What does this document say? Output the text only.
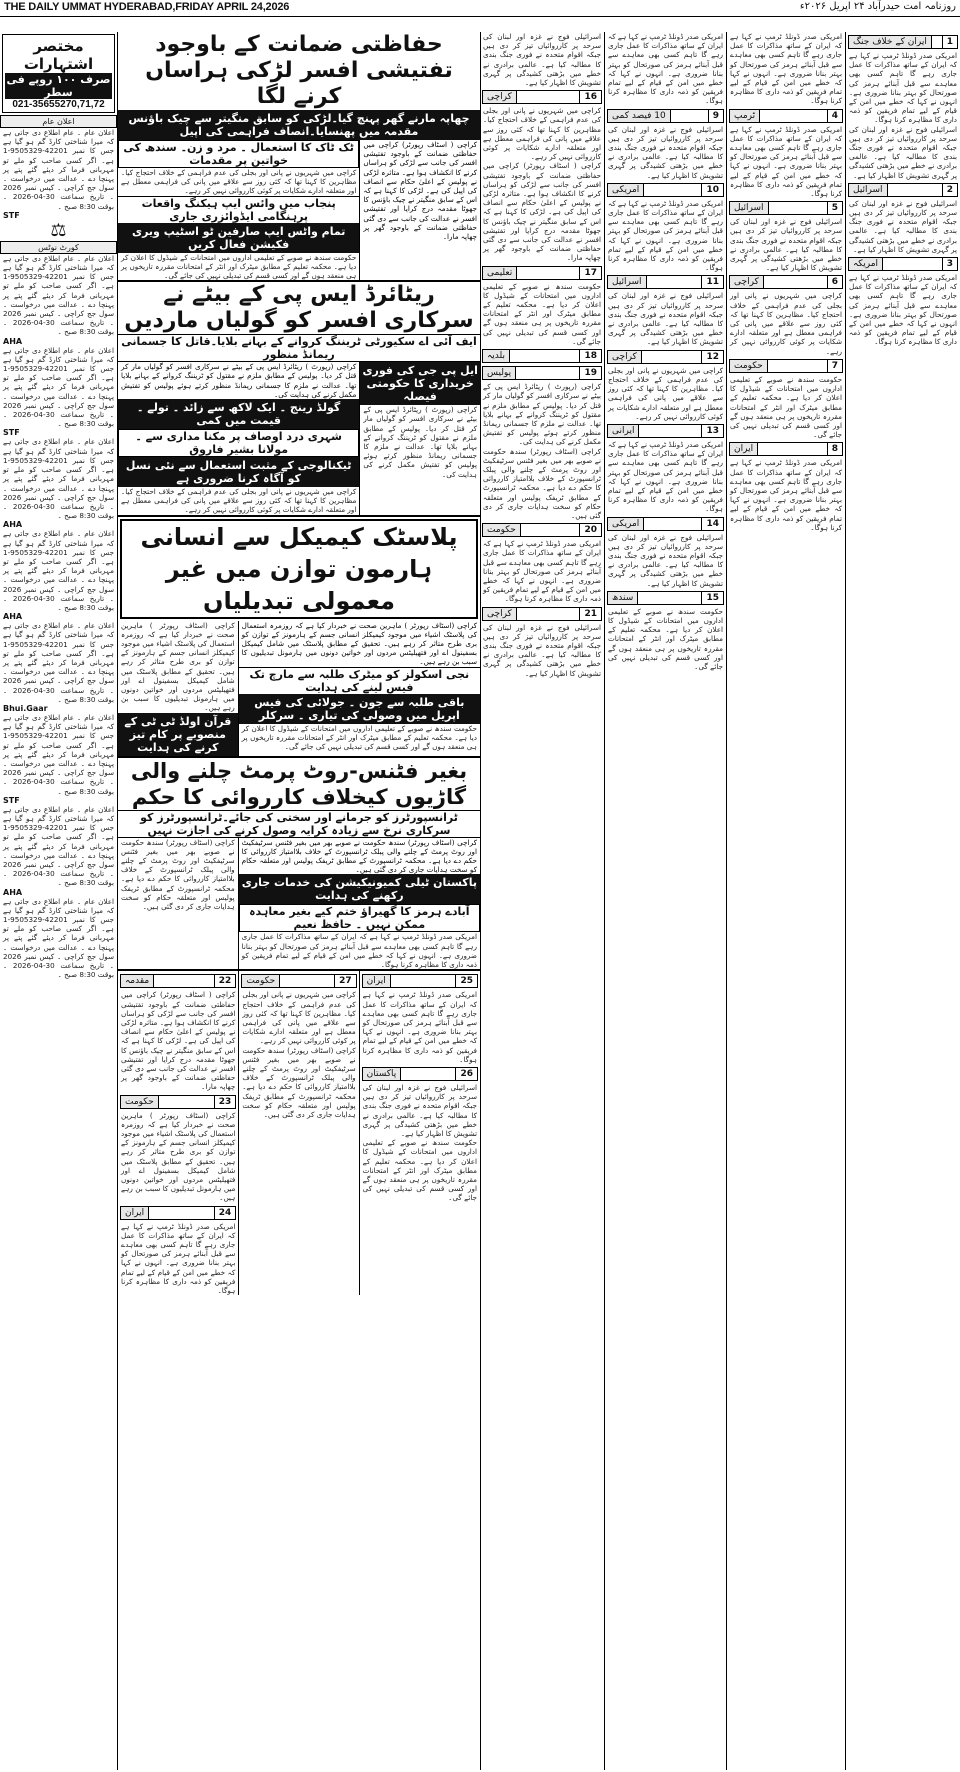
THE DAILY UMMAT HYDERABAD,FRIDAY APRIL 24,2026	روزنامہ امت حیدرآباد ۲۴ اپریل ۲۰۲۶ء
مختصر اشتہارات
صرف ۱۰۰ روپے فی سطر
021-35655270,71,72
اعلان عام

اعلان عام ۔ عام اطلاع دی جاتی ہے کہ میرا شناختی کارڈ گم ہو گیا ہے جس کا نمبر 42201-9505329-1 ہے۔ اگر کسی صاحب کو ملے تو مہربانی فرما کر دیئے گئے پتے پر پہنچا دے ۔ عدالت میں درخواست ۔ سول جج کراچی ۔ کیس نمبر 2026 ۔ تاریخ سماعت 30-04-2026 ۔ بوقت 8:30 صبح ۔

STF
⚖
کورٹ نوٹس

اعلان عام ۔ عام اطلاع دی جاتی ہے کہ میرا شناختی کارڈ گم ہو گیا ہے جس کا نمبر 42201-9505329-1 ہے۔ اگر کسی صاحب کو ملے تو مہربانی فرما کر دیئے گئے پتے پر پہنچا دے ۔ عدالت میں درخواست ۔ سول جج کراچی ۔ کیس نمبر 2026 ۔ تاریخ سماعت 30-04-2026 ۔ بوقت 8:30 صبح ۔

AHA

اعلان عام ۔ عام اطلاع دی جاتی ہے کہ میرا شناختی کارڈ گم ہو گیا ہے جس کا نمبر 42201-9505329-1 ہے۔ اگر کسی صاحب کو ملے تو مہربانی فرما کر دیئے گئے پتے پر پہنچا دے ۔ عدالت میں درخواست ۔ سول جج کراچی ۔ کیس نمبر 2026 ۔ تاریخ سماعت 30-04-2026 ۔ بوقت 8:30 صبح ۔

STF

اعلان عام ۔ عام اطلاع دی جاتی ہے کہ میرا شناختی کارڈ گم ہو گیا ہے جس کا نمبر 42201-9505329-1 ہے۔ اگر کسی صاحب کو ملے تو مہربانی فرما کر دیئے گئے پتے پر پہنچا دے ۔ عدالت میں درخواست ۔ سول جج کراچی ۔ کیس نمبر 2026 ۔ تاریخ سماعت 30-04-2026 ۔ بوقت 8:30 صبح ۔

AHA

اعلان عام ۔ عام اطلاع دی جاتی ہے کہ میرا شناختی کارڈ گم ہو گیا ہے جس کا نمبر 42201-9505329-1 ہے۔ اگر کسی صاحب کو ملے تو مہربانی فرما کر دیئے گئے پتے پر پہنچا دے ۔ عدالت میں درخواست ۔ سول جج کراچی ۔ کیس نمبر 2026 ۔ تاریخ سماعت 30-04-2026 ۔ بوقت 8:30 صبح ۔

AHA

اعلان عام ۔ عام اطلاع دی جاتی ہے کہ میرا شناختی کارڈ گم ہو گیا ہے جس کا نمبر 42201-9505329-1 ہے۔ اگر کسی صاحب کو ملے تو مہربانی فرما کر دیئے گئے پتے پر پہنچا دے ۔ عدالت میں درخواست ۔ سول جج کراچی ۔ کیس نمبر 2026 ۔ تاریخ سماعت 30-04-2026 ۔ بوقت 8:30 صبح ۔

Bhui.Gaar

اعلان عام ۔ عام اطلاع دی جاتی ہے کہ میرا شناختی کارڈ گم ہو گیا ہے جس کا نمبر 42201-9505329-1 ہے۔ اگر کسی صاحب کو ملے تو مہربانی فرما کر دیئے گئے پتے پر پہنچا دے ۔ عدالت میں درخواست ۔ سول جج کراچی ۔ کیس نمبر 2026 ۔ تاریخ سماعت 30-04-2026 ۔ بوقت 8:30 صبح ۔

STF

اعلان عام ۔ عام اطلاع دی جاتی ہے کہ میرا شناختی کارڈ گم ہو گیا ہے جس کا نمبر 42201-9505329-1 ہے۔ اگر کسی صاحب کو ملے تو مہربانی فرما کر دیئے گئے پتے پر پہنچا دے ۔ عدالت میں درخواست ۔ سول جج کراچی ۔ کیس نمبر 2026 ۔ تاریخ سماعت 30-04-2026 ۔ بوقت 8:30 صبح ۔

AHA

اعلان عام ۔ عام اطلاع دی جاتی ہے کہ میرا شناختی کارڈ گم ہو گیا ہے جس کا نمبر 42201-9505329-1 ہے۔ اگر کسی صاحب کو ملے تو مہربانی فرما کر دیئے گئے پتے پر پہنچا دے ۔ عدالت میں درخواست ۔ سول جج کراچی ۔ کیس نمبر 2026 ۔ تاریخ سماعت 30-04-2026 ۔ بوقت 8:30 صبح ۔

حفاظتی ضمانت کے باوجود تفتیشی افسر لڑکی ہراساں کرنے لگا
چھاپہ مارنے گھر پہنچ گیا۔لڑکی کو سابق منگیتر سے چیک باؤنس مقدمہ میں پھنسایا۔انصاف فراہمی کی اپیل

کراچی ( اسٹاف رپورٹر) کراچی میں حفاظتی ضمانت کے باوجود تفتیشی افسر کی جانب سے لڑکی کو ہراساں کرنے کا انکشاف ہوا ہے۔ متاثرہ لڑکی نے پولیس کے اعلیٰ حکام سے انصاف کی اپیل کی ہے۔ لڑکی کا کہنا ہے کہ اس کے سابق منگیتر نے چیک باؤنس کا جھوٹا مقدمہ درج کرایا اور تفتیشی افسر نے عدالت کی جانب سے دی گئی حفاظتی ضمانت کے باوجود گھر پر چھاپہ مارا۔

ٹک ٹاک کا استعمال ۔ مرد و زن۔ سندھ کی خواتین پر مقدمات

کراچی میں شہریوں نے پانی اور بجلی کی عدم فراہمی کے خلاف احتجاج کیا۔ مظاہرین کا کہنا تھا کہ کئی روز سے علاقے میں پانی کی فراہمی معطل ہے اور متعلقہ ادارے شکایات پر کوئی کارروائی نہیں کر رہے۔

پنجاب میں وائس ایپ ہیکنگ واقعات پرہنگامی ایڈوائزری جاری
تمام واٹس ایپ صارفین ٹو اسٹیپ ویری فکیشن فعال کریں

حکومت سندھ نے صوبے کے تعلیمی اداروں میں امتحانات کے شیڈول کا اعلان کر دیا ہے۔ محکمہ تعلیم کے مطابق میٹرک اور انٹر کے امتحانات مقررہ تاریخوں پر ہی منعقد ہوں گے اور کسی قسم کی تبدیلی نہیں کی جائے گی۔

ریٹائرڈ ایس پی کے بیٹے نے سرکاری افسر کو گولیاں ماردیں
ایف آئی اے سکیورٹی ٹریننگ کروانے کے بہانے بلایا۔قاتل کا جسمانی ریمانڈ منظور
ایل پی جی کی فوری خریداری کا حکومتی فیصلہ

کراچی (رپورٹ ) ریٹائرڈ ایس پی کے بیٹے نے سرکاری افسر کو گولیاں مار کر قتل کر دیا۔ پولیس کے مطابق ملزم نے مقتول کو ٹریننگ کروانے کے بہانے بلایا تھا۔ عدالت نے ملزم کا جسمانی ریمانڈ منظور کرتے ہوئے پولیس کو تفتیش مکمل کرنے کی ہدایت کی۔

کراچی (رپورٹ ) ریٹائرڈ ایس پی کے بیٹے نے سرکاری افسر کو گولیاں مار کر قتل کر دیا۔ پولیس کے مطابق ملزم نے مقتول کو ٹریننگ کروانے کے بہانے بلایا تھا۔ عدالت نے ملزم کا جسمانی ریمانڈ منظور کرتے ہوئے پولیس کو تفتیش مکمل کرنے کی ہدایت کی۔

گولڈ رینج ۔ ایک لاکھ سے زائد ۔ تولے ۔ قیمت میں کمی
شہری درد اوصاف پر مکنا مداری سے ۔ مولانا بشیر فاروق
ٹیکنالوجی کے مثبت استعمال سے نئی نسل کو آگاہ کرنا ضروری ہے

کراچی میں شہریوں نے پانی اور بجلی کی عدم فراہمی کے خلاف احتجاج کیا۔ مظاہرین کا کہنا تھا کہ کئی روز سے علاقے میں پانی کی فراہمی معطل ہے اور متعلقہ ادارے شکایات پر کوئی کارروائی نہیں کر رہے۔

پلاسٹک کیمیکل سے انسانی ہارمون توازن میں غیر معمولی تبدیلیاں

کراچی (اسٹاف رپورٹر ) ماہرین صحت نے خبردار کیا ہے کہ روزمرہ استعمال کی پلاسٹک اشیاء میں موجود کیمیکلز انسانی جسم کے ہارمونز کے توازن کو بری طرح متاثر کر رہے ہیں۔ تحقیق کے مطابق پلاسٹک میں شامل کیمیکل بسفینول اے اور فتھیلیٹس مردوں اور خواتین دونوں میں ہارمونل تبدیلیوں کا سبب بن رہے ہیں۔

نجی اسکولز کو میٹرک طلبہ سے مارچ تک فیس لینے کی ہدایت
باقی طلبہ سے جون ۔ جولائی کی فیس اپریل میں وصولی کی تیاری ۔ سرکلر

حکومت سندھ نے صوبے کے تعلیمی اداروں میں امتحانات کے شیڈول کا اعلان کر دیا ہے۔ محکمہ تعلیم کے مطابق میٹرک اور انٹر کے امتحانات مقررہ تاریخوں پر ہی منعقد ہوں گے اور کسی قسم کی تبدیلی نہیں کی جائے گی۔

کراچی (اسٹاف رپورٹر ) ماہرین صحت نے خبردار کیا ہے کہ روزمرہ استعمال کی پلاسٹک اشیاء میں موجود کیمیکلز انسانی جسم کے ہارمونز کے توازن کو بری طرح متاثر کر رہے ہیں۔ تحقیق کے مطابق پلاسٹک میں شامل کیمیکل بسفینول اے اور فتھیلیٹس مردوں اور خواتین دونوں میں ہارمونل تبدیلیوں کا سبب بن رہے ہیں۔

قرآن اولڈ ٹی ٹی کے منصوبے پر کام تیز کرنے کی ہدایت
بغیر فٹنس-روٹ پرمٹ چلنے والی گاڑیوں کیخلاف کارروائی کا حکم
ٹرانسپورٹرز کو جرمانے اور سختی کی جائے۔ٹرانسپورٹرز کو سرکاری نرخ سے زیادہ کرایہ وصول کرنے کی اجازت نہیں

کراچی (اسٹاف رپورٹر) سندھ حکومت نے صوبے بھر میں بغیر فٹنس سرٹیفکیٹ اور روٹ پرمٹ کے چلنے والی پبلک ٹرانسپورٹ کے خلاف بلاامتیاز کارروائی کا حکم دے دیا ہے۔ محکمہ ٹرانسپورٹ کے مطابق ٹریفک پولیس اور متعلقہ حکام کو سخت ہدایات جاری کر دی گئی ہیں۔

پاکستان ٹیلی کمیونیکیشن کی خدمات جاری رکھنے کی ہدایت
آبادے ہرمز کا گھیراؤ ختم کیے بغیر معاہدہ ممکن نہیں ۔ حافظ نعیم

امریکی صدر ڈونلڈ ٹرمپ نے کہا ہے کہ ایران کے ساتھ مذاکرات کا عمل جاری رہے گا تاہم کسی بھی معاہدے سے قبل آبنائے ہرمز کی صورتحال کو بہتر بنانا ضروری ہے۔ انہوں نے کہا کہ خطے میں امن کے قیام کے لیے تمام فریقین کو ذمہ داری کا مظاہرہ کرنا ہوگا۔

کراچی (اسٹاف رپورٹر) سندھ حکومت نے صوبے بھر میں بغیر فٹنس سرٹیفکیٹ اور روٹ پرمٹ کے چلنے والی پبلک ٹرانسپورٹ کے خلاف بلاامتیاز کارروائی کا حکم دے دیا ہے۔ محکمہ ٹرانسپورٹ کے مطابق ٹریفک پولیس اور متعلقہ حکام کو سخت ہدایات جاری کر دی گئی ہیں۔

25
ایران

امریکی صدر ڈونلڈ ٹرمپ نے کہا ہے کہ ایران کے ساتھ مذاکرات کا عمل جاری رہے گا تاہم کسی بھی معاہدے سے قبل آبنائے ہرمز کی صورتحال کو بہتر بنانا ضروری ہے۔ انہوں نے کہا کہ خطے میں امن کے قیام کے لیے تمام فریقین کو ذمہ داری کا مظاہرہ کرنا ہوگا۔

26
پاکستان

اسرائیلی فوج نے غزہ اور لبنان کی سرحد پر کارروائیاں تیز کر دی ہیں جبکہ اقوام متحدہ نے فوری جنگ بندی کا مطالبہ کیا ہے۔ عالمی برادری نے خطے میں بڑھتی کشیدگی پر گہری تشویش کا اظہار کیا ہے۔

حکومت سندھ نے صوبے کے تعلیمی اداروں میں امتحانات کے شیڈول کا اعلان کر دیا ہے۔ محکمہ تعلیم کے مطابق میٹرک اور انٹر کے امتحانات مقررہ تاریخوں پر ہی منعقد ہوں گے اور کسی قسم کی تبدیلی نہیں کی جائے گی۔

27
حکومت

کراچی میں شہریوں نے پانی اور بجلی کی عدم فراہمی کے خلاف احتجاج کیا۔ مظاہرین کا کہنا تھا کہ کئی روز سے علاقے میں پانی کی فراہمی معطل ہے اور متعلقہ ادارے شکایات پر کوئی کارروائی نہیں کر رہے۔

کراچی (اسٹاف رپورٹر) سندھ حکومت نے صوبے بھر میں بغیر فٹنس سرٹیفکیٹ اور روٹ پرمٹ کے چلنے والی پبلک ٹرانسپورٹ کے خلاف بلاامتیاز کارروائی کا حکم دے دیا ہے۔ محکمہ ٹرانسپورٹ کے مطابق ٹریفک پولیس اور متعلقہ حکام کو سخت ہدایات جاری کر دی گئی ہیں۔

22
مقدمہ

کراچی ( اسٹاف رپورٹر) کراچی میں حفاظتی ضمانت کے باوجود تفتیشی افسر کی جانب سے لڑکی کو ہراساں کرنے کا انکشاف ہوا ہے۔ متاثرہ لڑکی نے پولیس کے اعلیٰ حکام سے انصاف کی اپیل کی ہے۔ لڑکی کا کہنا ہے کہ اس کے سابق منگیتر نے چیک باؤنس کا جھوٹا مقدمہ درج کرایا اور تفتیشی افسر نے عدالت کی جانب سے دی گئی حفاظتی ضمانت کے باوجود گھر پر چھاپہ مارا۔

23
حکومت

کراچی (اسٹاف رپورٹر ) ماہرین صحت نے خبردار کیا ہے کہ روزمرہ استعمال کی پلاسٹک اشیاء میں موجود کیمیکلز انسانی جسم کے ہارمونز کے توازن کو بری طرح متاثر کر رہے ہیں۔ تحقیق کے مطابق پلاسٹک میں شامل کیمیکل بسفینول اے اور فتھیلیٹس مردوں اور خواتین دونوں میں ہارمونل تبدیلیوں کا سبب بن رہے ہیں۔

24
ایران

امریکی صدر ڈونلڈ ٹرمپ نے کہا ہے کہ ایران کے ساتھ مذاکرات کا عمل جاری رہے گا تاہم کسی بھی معاہدے سے قبل آبنائے ہرمز کی صورتحال کو بہتر بنانا ضروری ہے۔ انہوں نے کہا کہ خطے میں امن کے قیام کے لیے تمام فریقین کو ذمہ داری کا مظاہرہ کرنا ہوگا۔

اسرائیلی فوج نے غزہ اور لبنان کی سرحد پر کارروائیاں تیز کر دی ہیں جبکہ اقوام متحدہ نے فوری جنگ بندی کا مطالبہ کیا ہے۔ عالمی برادری نے خطے میں بڑھتی کشیدگی پر گہری تشویش کا اظہار کیا ہے۔

16
کراچی

کراچی میں شہریوں نے پانی اور بجلی کی عدم فراہمی کے خلاف احتجاج کیا۔ مظاہرین کا کہنا تھا کہ کئی روز سے علاقے میں پانی کی فراہمی معطل ہے اور متعلقہ ادارے شکایات پر کوئی کارروائی نہیں کر رہے۔

کراچی ( اسٹاف رپورٹر) کراچی میں حفاظتی ضمانت کے باوجود تفتیشی افسر کی جانب سے لڑکی کو ہراساں کرنے کا انکشاف ہوا ہے۔ متاثرہ لڑکی نے پولیس کے اعلیٰ حکام سے انصاف کی اپیل کی ہے۔ لڑکی کا کہنا ہے کہ اس کے سابق منگیتر نے چیک باؤنس کا جھوٹا مقدمہ درج کرایا اور تفتیشی افسر نے عدالت کی جانب سے دی گئی حفاظتی ضمانت کے باوجود گھر پر چھاپہ مارا۔

17
تعلیمی

حکومت سندھ نے صوبے کے تعلیمی اداروں میں امتحانات کے شیڈول کا اعلان کر دیا ہے۔ محکمہ تعلیم کے مطابق میٹرک اور انٹر کے امتحانات مقررہ تاریخوں پر ہی منعقد ہوں گے اور کسی قسم کی تبدیلی نہیں کی جائے گی۔

18
بلدیہ
19
پولیس

کراچی (رپورٹ ) ریٹائرڈ ایس پی کے بیٹے نے سرکاری افسر کو گولیاں مار کر قتل کر دیا۔ پولیس کے مطابق ملزم نے مقتول کو ٹریننگ کروانے کے بہانے بلایا تھا۔ عدالت نے ملزم کا جسمانی ریمانڈ منظور کرتے ہوئے پولیس کو تفتیش مکمل کرنے کی ہدایت کی۔

کراچی (اسٹاف رپورٹر) سندھ حکومت نے صوبے بھر میں بغیر فٹنس سرٹیفکیٹ اور روٹ پرمٹ کے چلنے والی پبلک ٹرانسپورٹ کے خلاف بلاامتیاز کارروائی کا حکم دے دیا ہے۔ محکمہ ٹرانسپورٹ کے مطابق ٹریفک پولیس اور متعلقہ حکام کو سخت ہدایات جاری کر دی گئی ہیں۔

20
حکومت

امریکی صدر ڈونلڈ ٹرمپ نے کہا ہے کہ ایران کے ساتھ مذاکرات کا عمل جاری رہے گا تاہم کسی بھی معاہدے سے قبل آبنائے ہرمز کی صورتحال کو بہتر بنانا ضروری ہے۔ انہوں نے کہا کہ خطے میں امن کے قیام کے لیے تمام فریقین کو ذمہ داری کا مظاہرہ کرنا ہوگا۔

21
کراچی

اسرائیلی فوج نے غزہ اور لبنان کی سرحد پر کارروائیاں تیز کر دی ہیں جبکہ اقوام متحدہ نے فوری جنگ بندی کا مطالبہ کیا ہے۔ عالمی برادری نے خطے میں بڑھتی کشیدگی پر گہری تشویش کا اظہار کیا ہے۔

امریکی صدر ڈونلڈ ٹرمپ نے کہا ہے کہ ایران کے ساتھ مذاکرات کا عمل جاری رہے گا تاہم کسی بھی معاہدے سے قبل آبنائے ہرمز کی صورتحال کو بہتر بنانا ضروری ہے۔ انہوں نے کہا کہ خطے میں امن کے قیام کے لیے تمام فریقین کو ذمہ داری کا مظاہرہ کرنا ہوگا۔

9
10 فیصد کمی

اسرائیلی فوج نے غزہ اور لبنان کی سرحد پر کارروائیاں تیز کر دی ہیں جبکہ اقوام متحدہ نے فوری جنگ بندی کا مطالبہ کیا ہے۔ عالمی برادری نے خطے میں بڑھتی کشیدگی پر گہری تشویش کا اظہار کیا ہے۔

10
امریکی

امریکی صدر ڈونلڈ ٹرمپ نے کہا ہے کہ ایران کے ساتھ مذاکرات کا عمل جاری رہے گا تاہم کسی بھی معاہدے سے قبل آبنائے ہرمز کی صورتحال کو بہتر بنانا ضروری ہے۔ انہوں نے کہا کہ خطے میں امن کے قیام کے لیے تمام فریقین کو ذمہ داری کا مظاہرہ کرنا ہوگا۔

11
اسرائیل

اسرائیلی فوج نے غزہ اور لبنان کی سرحد پر کارروائیاں تیز کر دی ہیں جبکہ اقوام متحدہ نے فوری جنگ بندی کا مطالبہ کیا ہے۔ عالمی برادری نے خطے میں بڑھتی کشیدگی پر گہری تشویش کا اظہار کیا ہے۔

12
کراچی

کراچی میں شہریوں نے پانی اور بجلی کی عدم فراہمی کے خلاف احتجاج کیا۔ مظاہرین کا کہنا تھا کہ کئی روز سے علاقے میں پانی کی فراہمی معطل ہے اور متعلقہ ادارے شکایات پر کوئی کارروائی نہیں کر رہے۔

13
ایرانی

امریکی صدر ڈونلڈ ٹرمپ نے کہا ہے کہ ایران کے ساتھ مذاکرات کا عمل جاری رہے گا تاہم کسی بھی معاہدے سے قبل آبنائے ہرمز کی صورتحال کو بہتر بنانا ضروری ہے۔ انہوں نے کہا کہ خطے میں امن کے قیام کے لیے تمام فریقین کو ذمہ داری کا مظاہرہ کرنا ہوگا۔

14
امریکی

اسرائیلی فوج نے غزہ اور لبنان کی سرحد پر کارروائیاں تیز کر دی ہیں جبکہ اقوام متحدہ نے فوری جنگ بندی کا مطالبہ کیا ہے۔ عالمی برادری نے خطے میں بڑھتی کشیدگی پر گہری تشویش کا اظہار کیا ہے۔

15
سندھ

حکومت سندھ نے صوبے کے تعلیمی اداروں میں امتحانات کے شیڈول کا اعلان کر دیا ہے۔ محکمہ تعلیم کے مطابق میٹرک اور انٹر کے امتحانات مقررہ تاریخوں پر ہی منعقد ہوں گے اور کسی قسم کی تبدیلی نہیں کی جائے گی۔

امریکی صدر ڈونلڈ ٹرمپ نے کہا ہے کہ ایران کے ساتھ مذاکرات کا عمل جاری رہے گا تاہم کسی بھی معاہدے سے قبل آبنائے ہرمز کی صورتحال کو بہتر بنانا ضروری ہے۔ انہوں نے کہا کہ خطے میں امن کے قیام کے لیے تمام فریقین کو ذمہ داری کا مظاہرہ کرنا ہوگا۔

4
ٹرمپ

امریکی صدر ڈونلڈ ٹرمپ نے کہا ہے کہ ایران کے ساتھ مذاکرات کا عمل جاری رہے گا تاہم کسی بھی معاہدے سے قبل آبنائے ہرمز کی صورتحال کو بہتر بنانا ضروری ہے۔ انہوں نے کہا کہ خطے میں امن کے قیام کے لیے تمام فریقین کو ذمہ داری کا مظاہرہ کرنا ہوگا۔

5
اسرائیل

اسرائیلی فوج نے غزہ اور لبنان کی سرحد پر کارروائیاں تیز کر دی ہیں جبکہ اقوام متحدہ نے فوری جنگ بندی کا مطالبہ کیا ہے۔ عالمی برادری نے خطے میں بڑھتی کشیدگی پر گہری تشویش کا اظہار کیا ہے۔

6
کراچی

کراچی میں شہریوں نے پانی اور بجلی کی عدم فراہمی کے خلاف احتجاج کیا۔ مظاہرین کا کہنا تھا کہ کئی روز سے علاقے میں پانی کی فراہمی معطل ہے اور متعلقہ ادارے شکایات پر کوئی کارروائی نہیں کر رہے۔

7
حکومت

حکومت سندھ نے صوبے کے تعلیمی اداروں میں امتحانات کے شیڈول کا اعلان کر دیا ہے۔ محکمہ تعلیم کے مطابق میٹرک اور انٹر کے امتحانات مقررہ تاریخوں پر ہی منعقد ہوں گے اور کسی قسم کی تبدیلی نہیں کی جائے گی۔

8
ایران

امریکی صدر ڈونلڈ ٹرمپ نے کہا ہے کہ ایران کے ساتھ مذاکرات کا عمل جاری رہے گا تاہم کسی بھی معاہدے سے قبل آبنائے ہرمز کی صورتحال کو بہتر بنانا ضروری ہے۔ انہوں نے کہا کہ خطے میں امن کے قیام کے لیے تمام فریقین کو ذمہ داری کا مظاہرہ کرنا ہوگا۔

1
ایران کے خلاف جنگ

امریکی صدر ڈونلڈ ٹرمپ نے کہا ہے کہ ایران کے ساتھ مذاکرات کا عمل جاری رہے گا تاہم کسی بھی معاہدے سے قبل آبنائے ہرمز کی صورتحال کو بہتر بنانا ضروری ہے۔ انہوں نے کہا کہ خطے میں امن کے قیام کے لیے تمام فریقین کو ذمہ داری کا مظاہرہ کرنا ہوگا۔

اسرائیلی فوج نے غزہ اور لبنان کی سرحد پر کارروائیاں تیز کر دی ہیں جبکہ اقوام متحدہ نے فوری جنگ بندی کا مطالبہ کیا ہے۔ عالمی برادری نے خطے میں بڑھتی کشیدگی پر گہری تشویش کا اظہار کیا ہے۔

2
اسرائیل

اسرائیلی فوج نے غزہ اور لبنان کی سرحد پر کارروائیاں تیز کر دی ہیں جبکہ اقوام متحدہ نے فوری جنگ بندی کا مطالبہ کیا ہے۔ عالمی برادری نے خطے میں بڑھتی کشیدگی پر گہری تشویش کا اظہار کیا ہے۔

3
امریکہ

امریکی صدر ڈونلڈ ٹرمپ نے کہا ہے کہ ایران کے ساتھ مذاکرات کا عمل جاری رہے گا تاہم کسی بھی معاہدے سے قبل آبنائے ہرمز کی صورتحال کو بہتر بنانا ضروری ہے۔ انہوں نے کہا کہ خطے میں امن کے قیام کے لیے تمام فریقین کو ذمہ داری کا مظاہرہ کرنا ہوگا۔
